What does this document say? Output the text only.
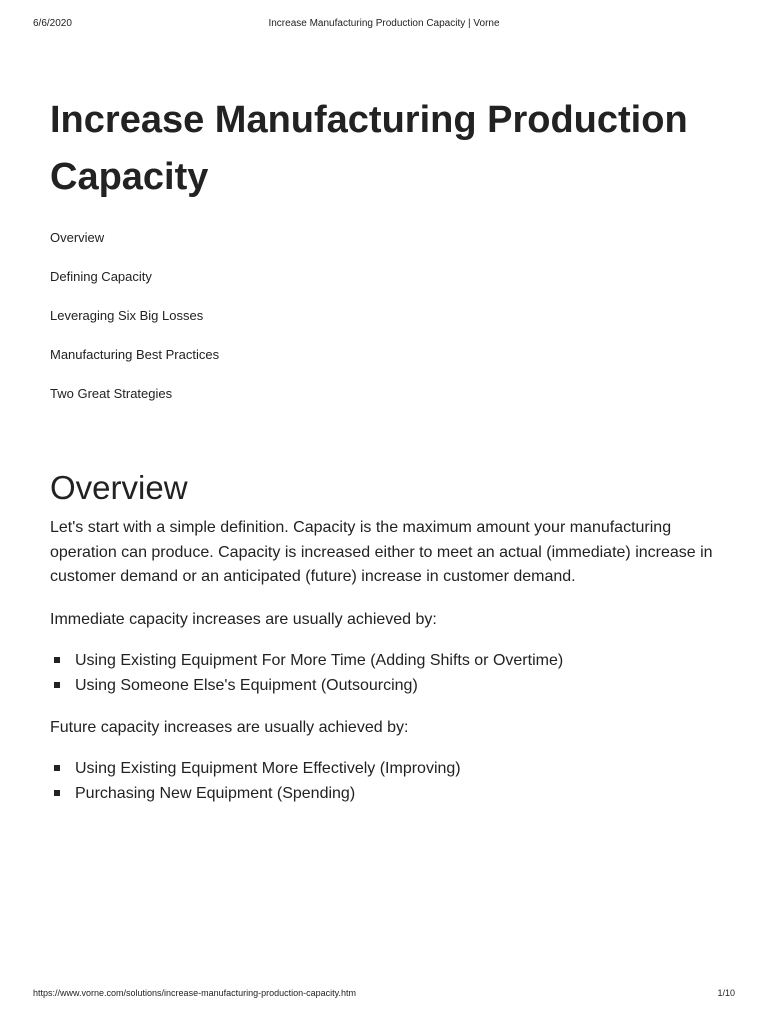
6/6/2020	Increase Manufacturing Production Capacity | Vorne
Increase Manufacturing Production Capacity
Overview
Defining Capacity
Leveraging Six Big Losses
Manufacturing Best Practices
Two Great Strategies
Overview

Let's start with a simple definition. Capacity is the maximum amount your manufacturing operation can produce. Capacity is increased either to meet an actual (immediate) increase in customer demand or an anticipated (future) increase in customer demand.

Immediate capacity increases are usually achieved by:

Using Existing Equipment For More Time (Adding Shifts or Overtime)
Using Someone Else's Equipment (Outsourcing)

Future capacity increases are usually achieved by:

Using Existing Equipment More Effectively (Improving)
Purchasing New Equipment (Spending)
https://www.vorne.com/solutions/increase-manufacturing-production-capacity.htm	1/10
